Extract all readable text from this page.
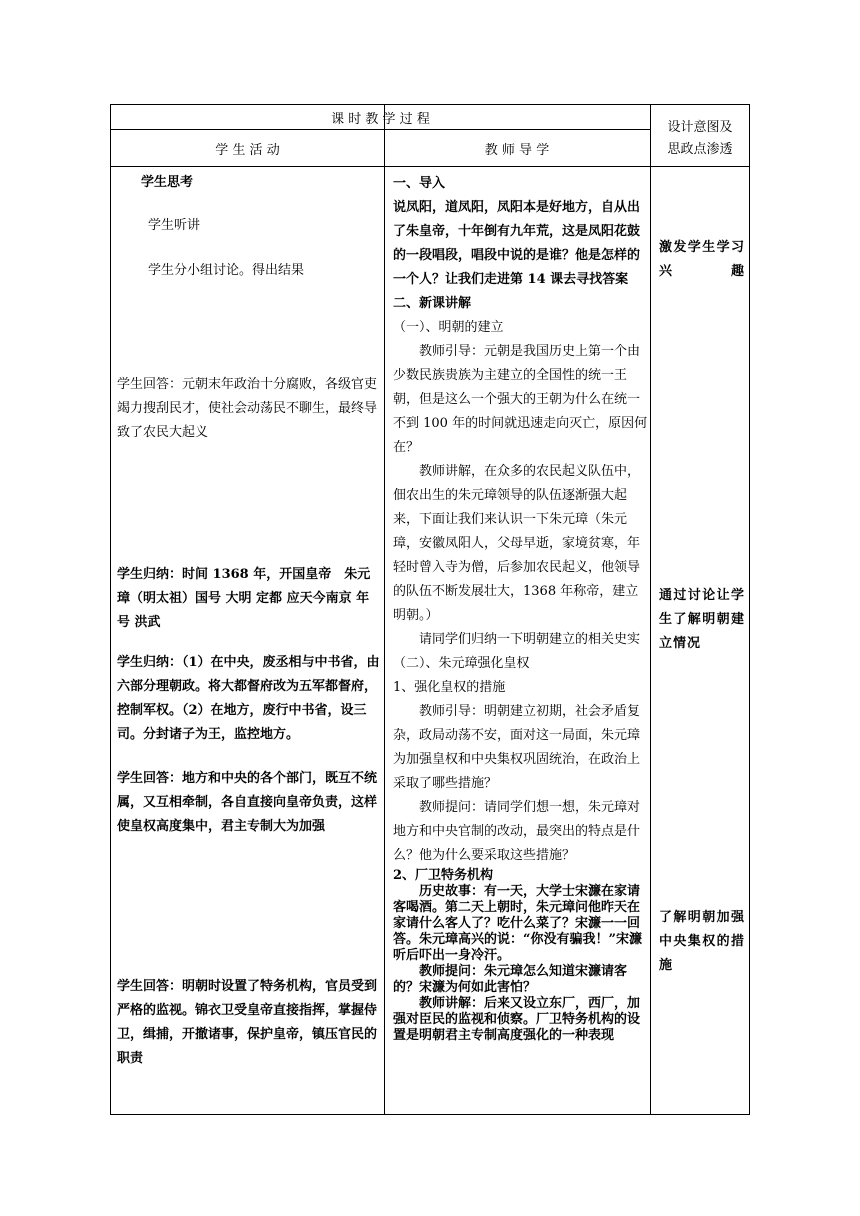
课 时 教 学 过 程
学 生 活 动	教 师 导 学
设计意图及
思政点渗透
学生思考
学生听讲
学生分小组讨论。得出结果
学生回答：元朝末年政治十分腐败，各级官吏竭力搜刮民才，使社会动荡民不聊生，最终导致了农民大起义
学生归纳：时间 1368 年，开国皇帝　朱元璋（明太祖）国号 大明 定都 应天今南京 年号 洪武
学生归纳：（1）在中央，废丞相与中书省，由六部分理朝政。将大都督府改为五军都督府，控制军权。（2）在地方，废行中书省，设三司。分封诸子为王，监控地方。
学生回答：地方和中央的各个部门，既互不统属，又互相牵制，各自直接向皇帝负责，这样使皇权高度集中，君主专制大为加强
学生回答：明朝时设置了特务机构，官员受到严格的监视。锦衣卫受皇帝直接指挥，掌握侍卫，缉捕，开撤诸事，保护皇帝，镇压官民的职责

一、导入

说凤阳，道凤阳，凤阳本是好地方，自从出了朱皇帝，十年倒有九年荒，这是凤阳花鼓的一段唱段，唱段中说的是谁？他是怎样的一个人？让我们走进第 14 课去寻找答案

二、新课讲解

（一）、明朝的建立

教师引导：元朝是我国历史上第一个由少数民族贵族为主建立的全国性的统一王朝，但是这么一个强大的王朝为什么在统一不到 100 年的时间就迅速走向灭亡，原因何在？

教师讲解，在众多的农民起义队伍中，佃农出生的朱元璋领导的队伍逐渐强大起来，下面让我们来认识一下朱元璋（朱元璋，安徽凤阳人，父母早逝，家境贫寒，年轻时曾入寺为僧，后参加农民起义，他领导的队伍不断发展壮大，1368 年称帝，建立明朝。）

请同学们归纳一下明朝建立的相关史实

（二）、朱元璋强化皇权

1、强化皇权的措施

教师引导：明朝建立初期，社会矛盾复杂，政局动荡不安，面对这一局面，朱元璋为加强皇权和中央集权巩固统治，在政治上采取了哪些措施？

教师提问：请同学们想一想，朱元璋对地方和中央官制的改动，最突出的特点是什么？他为什么要采取这些措施？

2、厂卫特务机构

历史故事：有一天，大学士宋濂在家请客喝酒。第二天上朝时，朱元璋问他昨天在家请什么客人了？吃什么菜了？宋濂一一回答。朱元璋高兴的说：“你没有骗我！”宋濂听后吓出一身冷汗。

教师提问：朱元璋怎么知道宋濂请客的？宋濂为何如此害怕？

教师讲解：后来又设立东厂，西厂，加强对臣民的监视和侦察。厂卫特务机构的设置是明朝君主专制高度强化的一种表现

激发学生学习兴趣
通过讨论让学生了解明朝建立情况
了解明朝加强中央集权的措施
